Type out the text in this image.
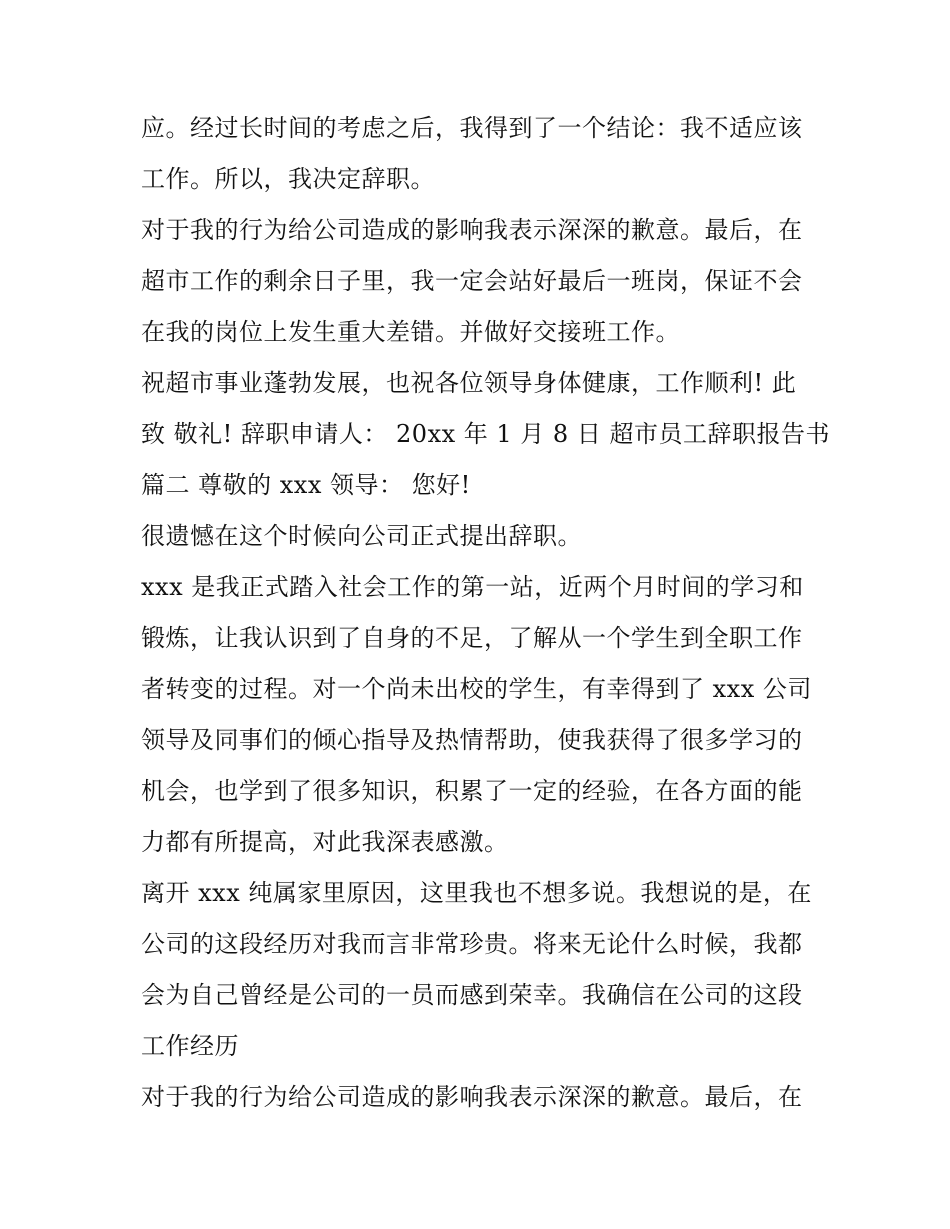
应。经过长时间的考虑之后，我得到了一个结论：我不适应该
工作。所以，我决定辞职。
对于我的行为给公司造成的影响我表示深深的歉意。最后，在
超市工作的剩余日子里，我一定会站好最后一班岗，保证不会
在我的岗位上发生重大差错。并做好交接班工作。
祝超市事业蓬勃发展，也祝各位领导身体健康，工作顺利! 此
致 敬礼! 辞职申请人： 20xx 年 1 月 8 日 超市员工辞职报告书
篇二 尊敬的 xxx 领导： 您好!
很遗憾在这个时候向公司正式提出辞职。
xxx 是我正式踏入社会工作的第一站，近两个月时间的学习和
锻炼，让我认识到了自身的不足，了解从一个学生到全职工作
者转变的过程。对一个尚未出校的学生，有幸得到了 xxx 公司
领导及同事们的倾心指导及热情帮助，使我获得了很多学习的
机会，也学到了很多知识，积累了一定的经验，在各方面的能
力都有所提高，对此我深表感激。
离开 xxx 纯属家里原因，这里我也不想多说。我想说的是，在
公司的这段经历对我而言非常珍贵。将来无论什么时候，我都
会为自己曾经是公司的一员而感到荣幸。我确信在公司的这段
工作经历
对于我的行为给公司造成的影响我表示深深的歉意。最后，在
